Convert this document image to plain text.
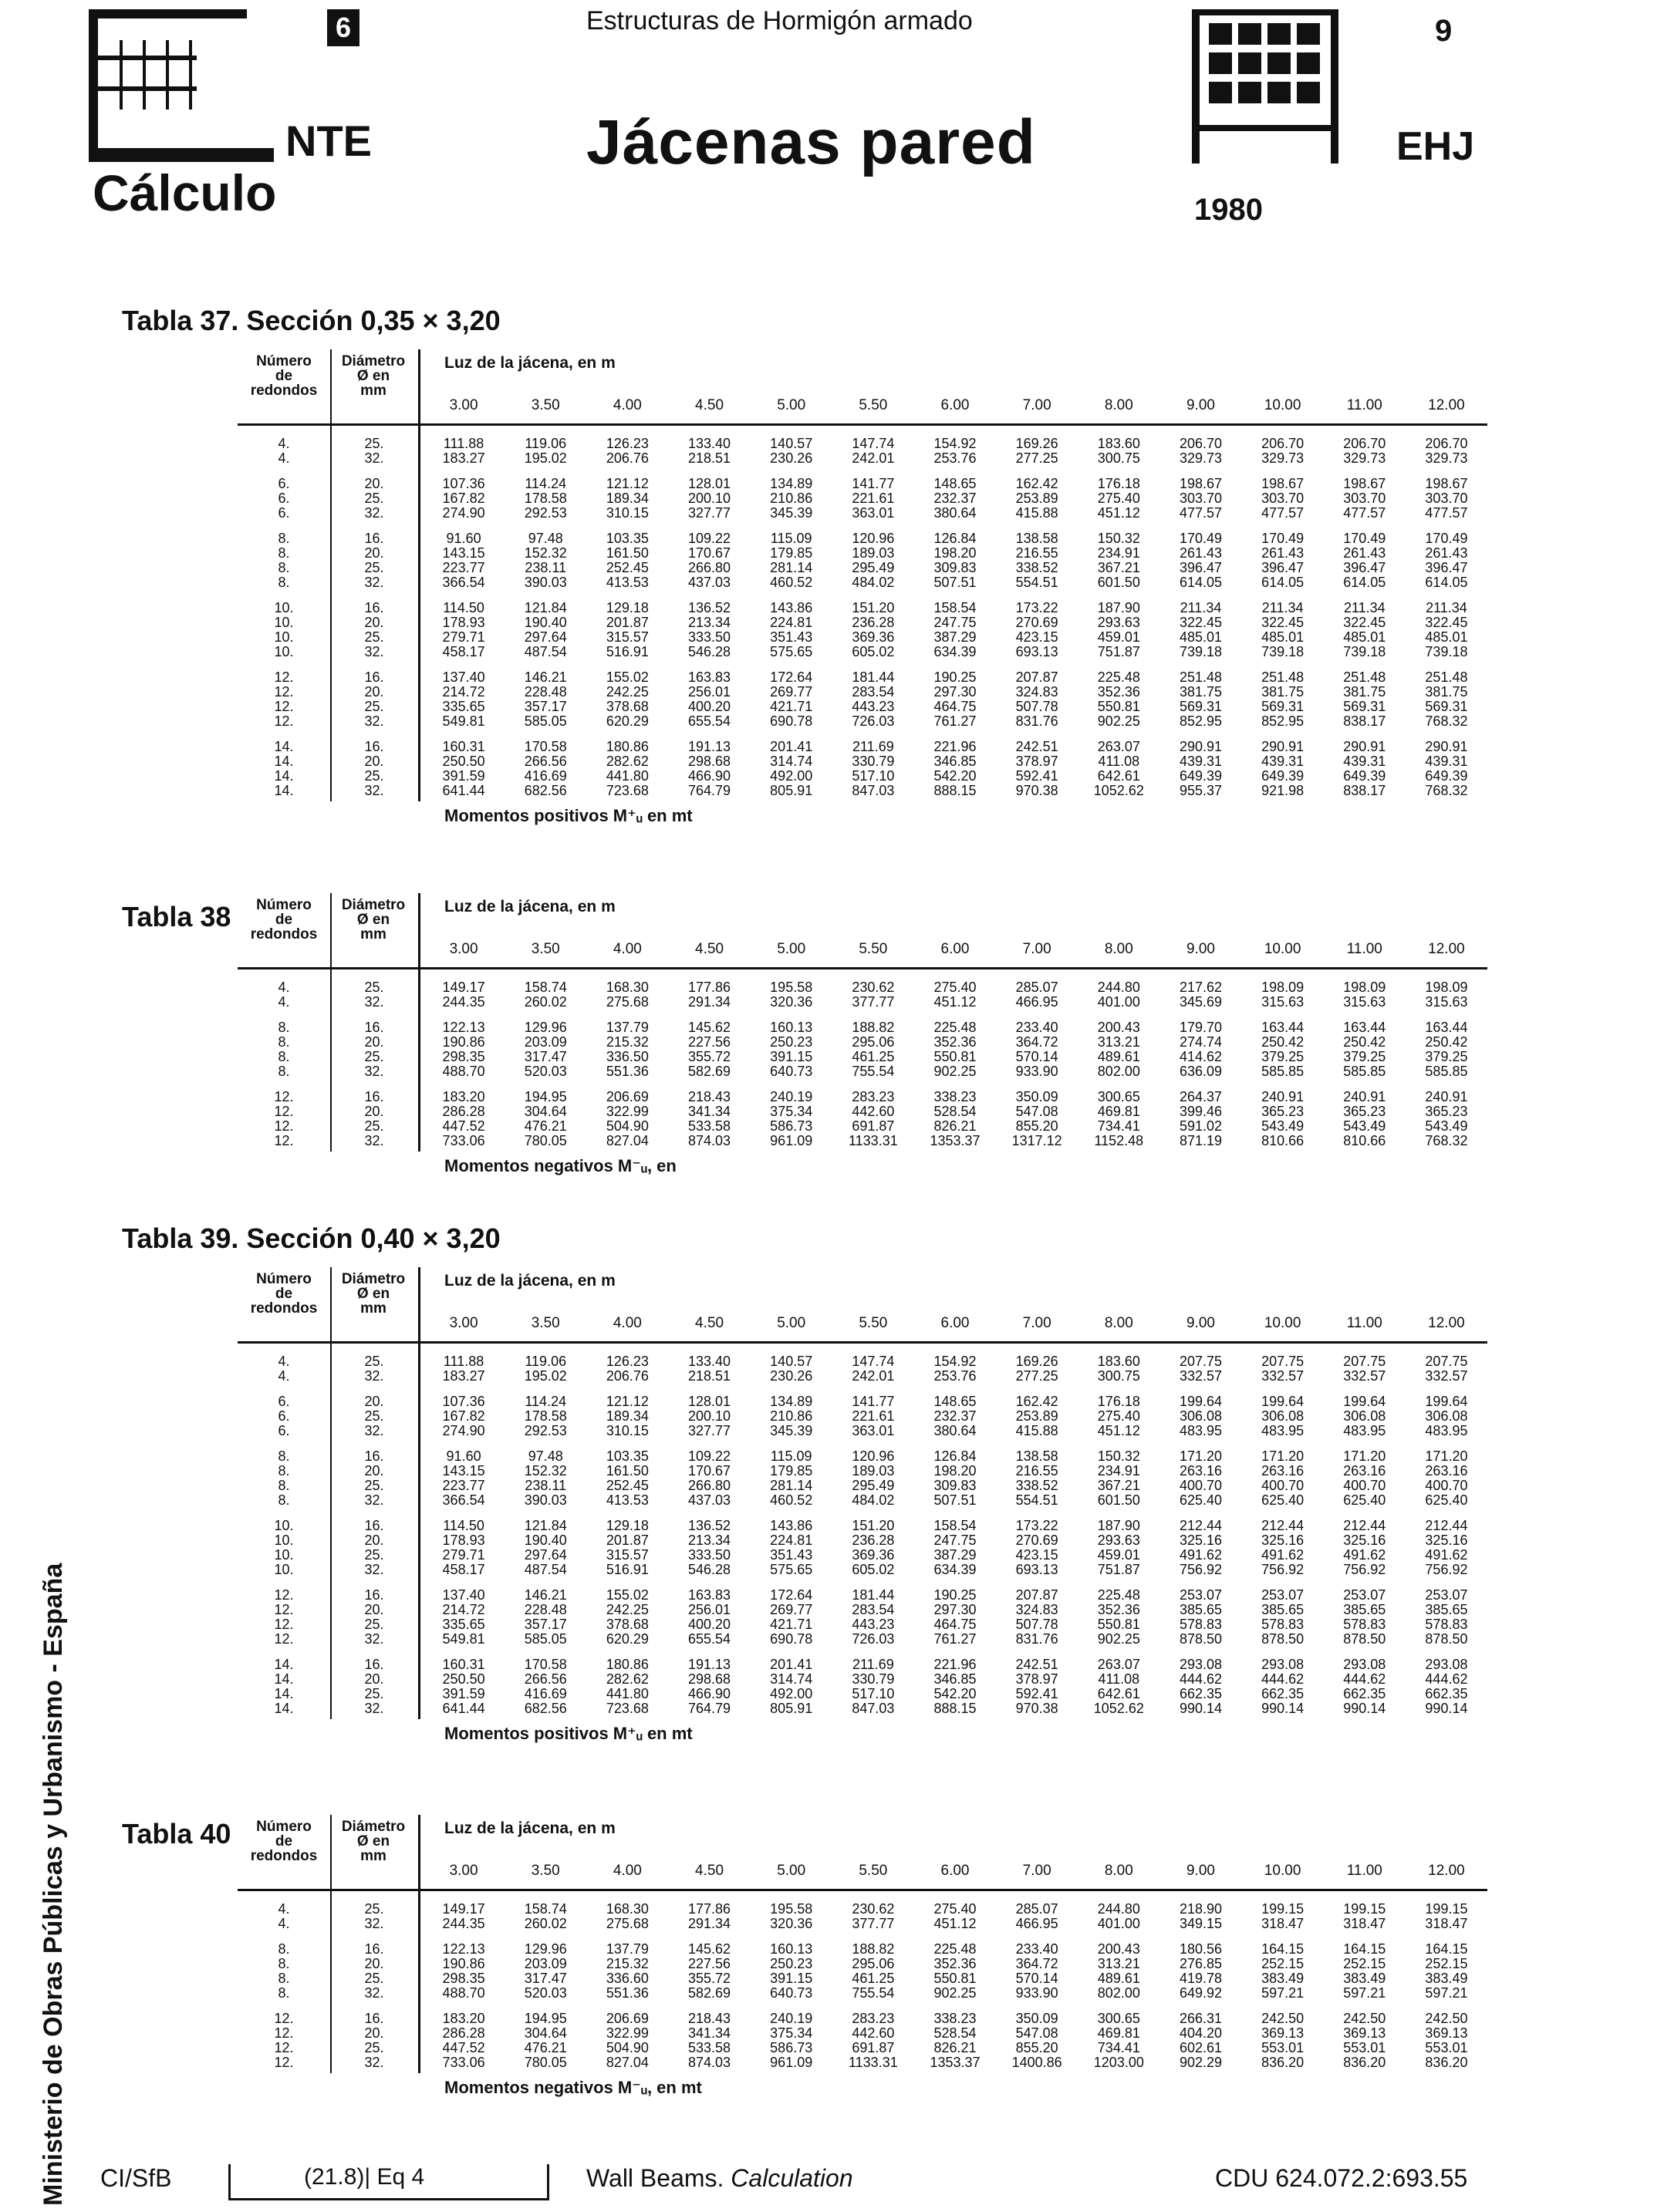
6	Estructuras de Hormigón armado
NTE
Cálculo
Jácenas pared
9
EHJ
1980
Ministerio de Obras Públicas y Urbanismo - España
Tabla 37. Sección 0,35 × 3,20
Número
de
redondos
Diámetro
Ø en
mm
Luz de la jácena, en m
3.00	3.50	4.00	4.50	5.00	5.50	6.00	7.00	8.00	9.00	10.00	11.00	12.00
4.	25.	111.88	119.06	126.23	133.40	140.57	147.74	154.92	169.26	183.60	206.70	206.70	206.70	206.70
4.	32.	183.27	195.02	206.76	218.51	230.26	242.01	253.76	277.25	300.75	329.73	329.73	329.73	329.73
6.	20.	107.36	114.24	121.12	128.01	134.89	141.77	148.65	162.42	176.18	198.67	198.67	198.67	198.67
6.	25.	167.82	178.58	189.34	200.10	210.86	221.61	232.37	253.89	275.40	303.70	303.70	303.70	303.70
6.	32.	274.90	292.53	310.15	327.77	345.39	363.01	380.64	415.88	451.12	477.57	477.57	477.57	477.57
8.	16.	91.60	97.48	103.35	109.22	115.09	120.96	126.84	138.58	150.32	170.49	170.49	170.49	170.49
8.	20.	143.15	152.32	161.50	170.67	179.85	189.03	198.20	216.55	234.91	261.43	261.43	261.43	261.43
8.	25.	223.77	238.11	252.45	266.80	281.14	295.49	309.83	338.52	367.21	396.47	396.47	396.47	396.47
8.	32.	366.54	390.03	413.53	437.03	460.52	484.02	507.51	554.51	601.50	614.05	614.05	614.05	614.05
10.	16.	114.50	121.84	129.18	136.52	143.86	151.20	158.54	173.22	187.90	211.34	211.34	211.34	211.34
10.	20.	178.93	190.40	201.87	213.34	224.81	236.28	247.75	270.69	293.63	322.45	322.45	322.45	322.45
10.	25.	279.71	297.64	315.57	333.50	351.43	369.36	387.29	423.15	459.01	485.01	485.01	485.01	485.01
10.	32.	458.17	487.54	516.91	546.28	575.65	605.02	634.39	693.13	751.87	739.18	739.18	739.18	739.18
12.	16.	137.40	146.21	155.02	163.83	172.64	181.44	190.25	207.87	225.48	251.48	251.48	251.48	251.48
12.	20.	214.72	228.48	242.25	256.01	269.77	283.54	297.30	324.83	352.36	381.75	381.75	381.75	381.75
12.	25.	335.65	357.17	378.68	400.20	421.71	443.23	464.75	507.78	550.81	569.31	569.31	569.31	569.31
12.	32.	549.81	585.05	620.29	655.54	690.78	726.03	761.27	831.76	902.25	852.95	852.95	838.17	768.32
14.	16.	160.31	170.58	180.86	191.13	201.41	211.69	221.96	242.51	263.07	290.91	290.91	290.91	290.91
14.	20.	250.50	266.56	282.62	298.68	314.74	330.79	346.85	378.97	411.08	439.31	439.31	439.31	439.31
14.	25.	391.59	416.69	441.80	466.90	492.00	517.10	542.20	592.41	642.61	649.39	649.39	649.39	649.39
14.	32.	641.44	682.56	723.68	764.79	805.91	847.03	888.15	970.38	1052.62	955.37	921.98	838.17	768.32
Momentos positivos M⁺ᵤ en mt
Tabla 38	Número
de
redondos
Diámetro
Ø en
mm
Luz de la jácena, en m
3.00	3.50	4.00	4.50	5.00	5.50	6.00	7.00	8.00	9.00	10.00	11.00	12.00
4.	25.	149.17	158.74	168.30	177.86	195.58	230.62	275.40	285.07	244.80	217.62	198.09	198.09	198.09
4.	32.	244.35	260.02	275.68	291.34	320.36	377.77	451.12	466.95	401.00	345.69	315.63	315.63	315.63
8.	16.	122.13	129.96	137.79	145.62	160.13	188.82	225.48	233.40	200.43	179.70	163.44	163.44	163.44
8.	20.	190.86	203.09	215.32	227.56	250.23	295.06	352.36	364.72	313.21	274.74	250.42	250.42	250.42
8.	25.	298.35	317.47	336.50	355.72	391.15	461.25	550.81	570.14	489.61	414.62	379.25	379.25	379.25
8.	32.	488.70	520.03	551.36	582.69	640.73	755.54	902.25	933.90	802.00	636.09	585.85	585.85	585.85
12.	16.	183.20	194.95	206.69	218.43	240.19	283.23	338.23	350.09	300.65	264.37	240.91	240.91	240.91
12.	20.	286.28	304.64	322.99	341.34	375.34	442.60	528.54	547.08	469.81	399.46	365.23	365.23	365.23
12.	25.	447.52	476.21	504.90	533.58	586.73	691.87	826.21	855.20	734.41	591.02	543.49	543.49	543.49
12.	32.	733.06	780.05	827.04	874.03	961.09	1133.31	1353.37	1317.12	1152.48	871.19	810.66	810.66	768.32
Momentos negativos M⁻ᵤ, en
Tabla 39. Sección 0,40 × 3,20
Número
de
redondos
Diámetro
Ø en
mm
Luz de la jácena, en m
3.00	3.50	4.00	4.50	5.00	5.50	6.00	7.00	8.00	9.00	10.00	11.00	12.00
4.	25.	111.88	119.06	126.23	133.40	140.57	147.74	154.92	169.26	183.60	207.75	207.75	207.75	207.75
4.	32.	183.27	195.02	206.76	218.51	230.26	242.01	253.76	277.25	300.75	332.57	332.57	332.57	332.57
6.	20.	107.36	114.24	121.12	128.01	134.89	141.77	148.65	162.42	176.18	199.64	199.64	199.64	199.64
6.	25.	167.82	178.58	189.34	200.10	210.86	221.61	232.37	253.89	275.40	306.08	306.08	306.08	306.08
6.	32.	274.90	292.53	310.15	327.77	345.39	363.01	380.64	415.88	451.12	483.95	483.95	483.95	483.95
8.	16.	91.60	97.48	103.35	109.22	115.09	120.96	126.84	138.58	150.32	171.20	171.20	171.20	171.20
8.	20.	143.15	152.32	161.50	170.67	179.85	189.03	198.20	216.55	234.91	263.16	263.16	263.16	263.16
8.	25.	223.77	238.11	252.45	266.80	281.14	295.49	309.83	338.52	367.21	400.70	400.70	400.70	400.70
8.	32.	366.54	390.03	413.53	437.03	460.52	484.02	507.51	554.51	601.50	625.40	625.40	625.40	625.40
10.	16.	114.50	121.84	129.18	136.52	143.86	151.20	158.54	173.22	187.90	212.44	212.44	212.44	212.44
10.	20.	178.93	190.40	201.87	213.34	224.81	236.28	247.75	270.69	293.63	325.16	325.16	325.16	325.16
10.	25.	279.71	297.64	315.57	333.50	351.43	369.36	387.29	423.15	459.01	491.62	491.62	491.62	491.62
10.	32.	458.17	487.54	516.91	546.28	575.65	605.02	634.39	693.13	751.87	756.92	756.92	756.92	756.92
12.	16.	137.40	146.21	155.02	163.83	172.64	181.44	190.25	207.87	225.48	253.07	253.07	253.07	253.07
12.	20.	214.72	228.48	242.25	256.01	269.77	283.54	297.30	324.83	352.36	385.65	385.65	385.65	385.65
12.	25.	335.65	357.17	378.68	400.20	421.71	443.23	464.75	507.78	550.81	578.83	578.83	578.83	578.83
12.	32.	549.81	585.05	620.29	655.54	690.78	726.03	761.27	831.76	902.25	878.50	878.50	878.50	878.50
14.	16.	160.31	170.58	180.86	191.13	201.41	211.69	221.96	242.51	263.07	293.08	293.08	293.08	293.08
14.	20.	250.50	266.56	282.62	298.68	314.74	330.79	346.85	378.97	411.08	444.62	444.62	444.62	444.62
14.	25.	391.59	416.69	441.80	466.90	492.00	517.10	542.20	592.41	642.61	662.35	662.35	662.35	662.35
14.	32.	641.44	682.56	723.68	764.79	805.91	847.03	888.15	970.38	1052.62	990.14	990.14	990.14	990.14
Momentos positivos M⁺ᵤ en mt
Tabla 40	Número
de
redondos
Diámetro
Ø en
mm
Luz de la jácena, en m
3.00	3.50	4.00	4.50	5.00	5.50	6.00	7.00	8.00	9.00	10.00	11.00	12.00
4.	25.	149.17	158.74	168.30	177.86	195.58	230.62	275.40	285.07	244.80	218.90	199.15	199.15	199.15
4.	32.	244.35	260.02	275.68	291.34	320.36	377.77	451.12	466.95	401.00	349.15	318.47	318.47	318.47
8.	16.	122.13	129.96	137.79	145.62	160.13	188.82	225.48	233.40	200.43	180.56	164.15	164.15	164.15
8.	20.	190.86	203.09	215.32	227.56	250.23	295.06	352.36	364.72	313.21	276.85	252.15	252.15	252.15
8.	25.	298.35	317.47	336.60	355.72	391.15	461.25	550.81	570.14	489.61	419.78	383.49	383.49	383.49
8.	32.	488.70	520.03	551.36	582.69	640.73	755.54	902.25	933.90	802.00	649.92	597.21	597.21	597.21
12.	16.	183.20	194.95	206.69	218.43	240.19	283.23	338.23	350.09	300.65	266.31	242.50	242.50	242.50
12.	20.	286.28	304.64	322.99	341.34	375.34	442.60	528.54	547.08	469.81	404.20	369.13	369.13	369.13
12.	25.	447.52	476.21	504.90	533.58	586.73	691.87	826.21	855.20	734.41	602.61	553.01	553.01	553.01
12.	32.	733.06	780.05	827.04	874.03	961.09	1133.31	1353.37	1400.86	1203.00	902.29	836.20	836.20	836.20
Momentos negativos M⁻ᵤ, en mt
CI/SfB	(21.8)| Eq 4	Wall Beams. Calculation	CDU 624.072.2:693.55
